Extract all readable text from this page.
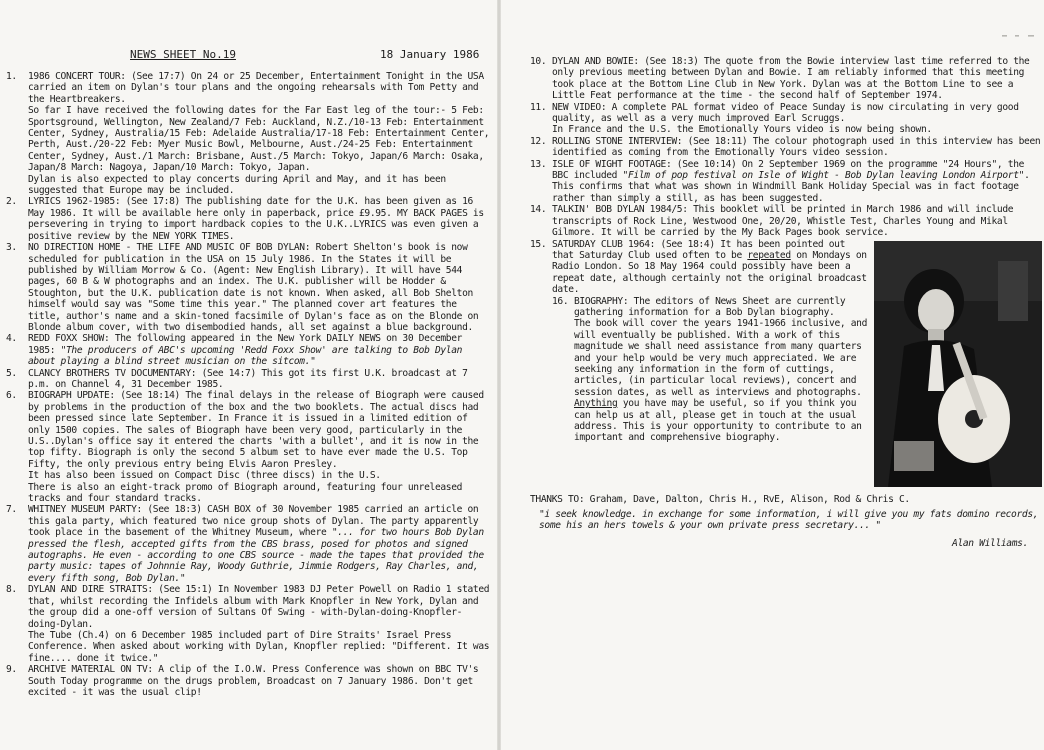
NEWS SHEET No.19	18 January 1986
1.	1986 CONCERT TOUR: (See 17:7) On 24 or 25 December, Entertainment Tonight in the USA carried an item on Dylan's tour plans and the ongoing rehearsals with Tom Petty and the Heartbreakers.

So far I have received the following dates for the Far East leg of the tour:- 5 Feb: Sportsground, Wellington, New Zealand/7 Feb: Auckland, N.Z./10-13 Feb: Entertainment Center, Sydney, Australia/15 Feb: Adelaide Australia/17-18 Feb: Entertainment Center, Perth, Aust./20-22 Feb: Myer Music Bowl, Melbourne, Aust./24-25 Feb: Entertainment Center, Sydney, Aust./1 March: Brisbane, Aust./5 March: Tokyo, Japan/6 March: Osaka, Japan/8 March: Nagoya, Japan/10 March: Tokyo, Japan.

Dylan is also expected to play concerts during April and May, and it has been suggested that Europe may be included.

2.	LYRICS 1962-1985: (See 17:8) The publishing date for the U.K. has been given as 16 May 1986. It will be available here only in paperback, price £9.95. MY BACK PAGES is persevering in trying to import hardback copies to the U.K..LYRICS was even given a positive review by the NEW YORK TIMES.

3.	NO DIRECTION HOME - THE LIFE AND MUSIC OF BOB DYLAN: Robert Shelton's book is now scheduled for publication in the USA on 15 July 1986. In the States it will be published by William Morrow & Co. (Agent: New English Library). It will have 544 pages, 60 B & W photographs and an index. The U.K. publisher will be Hodder & Stoughton, but the U.K. publication date is not known. When asked, all Bob Shelton himself would say was "Some time this year." The planned cover art features the title, author's name and a skin-toned facsimile of Dylan's face as on the Blonde on Blonde album cover, with two disembodied hands, all set against a blue background.

4.	REDD FOXX SHOW: The following appeared in the New York DAILY NEWS on 30 December 1985: "The producers of ABC's upcoming 'Redd Foxx Show' are talking to Bob Dylan about playing a blind street musician on the sitcom."

5.	CLANCY BROTHERS TV DOCUMENTARY: (See 14:7) This got its first U.K. broadcast at 7 p.m. on Channel 4, 31 December 1985.

6.	BIOGRAPH UPDATE: (See 18:14) The final delays in the release of Biograph were caused by problems in the production of the box and the two booklets. The actual discs had been pressed since late September. In France it is issued in a limited edition of only 1500 copies. The sales of Biograph have been very good, particularly in the U.S..Dylan's office say it entered the charts 'with a bullet', and it is now in the top fifty. Biograph is only the second 5 album set to have ever made the U.S. Top Fifty, the only previous entry being Elvis Aaron Presley.

It has also been issued on Compact Disc (three discs) in the U.S.

There is also an eight-track promo of Biograph around, featuring four unreleased tracks and four standard tracks.

7.	WHITNEY MUSEUM PARTY: (See 18:3) CASH BOX of 30 November 1985 carried an article on this gala party, which featured two nice group shots of Dylan. The party apparently took place in the basement of the Whitney Museum, where "... for two hours Bob Dylan pressed the flesh, accepted gifts from the CBS brass, posed for photos and signed autographs. He even - according to one CBS source - made the tapes that provided the party music: tapes of Johnnie Ray, Woody Guthrie, Jimmie Rodgers, Ray Charles, and, every fifth song, Bob Dylan."

8.	DYLAN AND DIRE STRAITS: (See 15:1) In November 1983 DJ Peter Powell on Radio 1 stated that, whilst recording the Infidels album with Mark Knopfler in New York, Dylan and the group did a one-off version of Sultans Of Swing - with-Dylan-doing-Knopfler-doing-Dylan.

The Tube (Ch.4) on 6 December 1985 included part of Dire Straits' Israel Press Conference. When asked about working with Dylan, Knopfler replied: "Different. It was fine.... done it twice."

9.	ARCHIVE MATERIAL ON TV: A clip of the I.O.W. Press Conference was shown on BBC TV's South Today programme on the drugs problem, Broadcast on 7 January 1986. Don't get excited - it was the usual clip!

10. DYLAN AND BOWIE: (See 18:3) The quote from the Bowie interview last time referred to the only previous meeting between Dylan and Bowie. I am reliably informed that this meeting took place at the Bottom Line Club in New York. Dylan was at the Bottom Line to see a Little Feat performance at the time - the second half of September 1974.

11. NEW VIDEO: A complete PAL format video of Peace Sunday is now circulating in very good quality, as well as a very much improved Earl Scruggs.

In France and the U.S. the Emotionally Yours video is now being shown.

12. ROLLING STONE INTERVIEW: (See 18:11) The colour photograph used in this interview has been identified as coming from the Emotionally Yours video session.

13. ISLE OF WIGHT FOOTAGE: (See 10:14) On 2 September 1969 on the programme "24 Hours", the BBC included "Film of pop festival on Isle of Wight - Bob Dylan leaving London Airport". This confirms that what was shown in Windmill Bank Holiday Special was in fact footage rather than simply a still, as has been suggested.

14. TALKIN' BOB DYLAN 1984/5: This booklet will be printed in March 1986 and will include transcripts of Rock Line, Westwood One, 20/20, Whistle Test, Charles Young and Mikal Gilmore. It will be carried by the My Back Pages book service.

15. SATURDAY CLUB 1964: (See 18:4) It has been pointed out that Saturday Club used often to be repeated on Mondays on Radio London. So 18 May 1964 could possibly have been a repeat date, although certainly not the original broadcast date.

16. BIOGRAPHY: The editors of News Sheet are currently gathering information for a Bob Dylan biography.

The book will cover the years 1941-1966 inclusive, and will eventually be published. With a work of this magnitude we shall need assistance from many quarters and your help would be very much appreciated. We are seeking any information in the form of cuttings, articles, (in particular local reviews), concert and session dates, as well as interviews and photographs. Anything you have may be useful, so if you think you can help us at all, please get in touch at the usual address. This is your opportunity to contribute to an important and comprehensive biography.

THANKS TO: Graham, Dave, Dalton, Chris H., RvE, Alison, Rod & Chris C.

"i seek knowledge. in exchange for some information, i will give you my fats domino records, some his an hers towels & your own private press secretary... "

Alan Williams.
